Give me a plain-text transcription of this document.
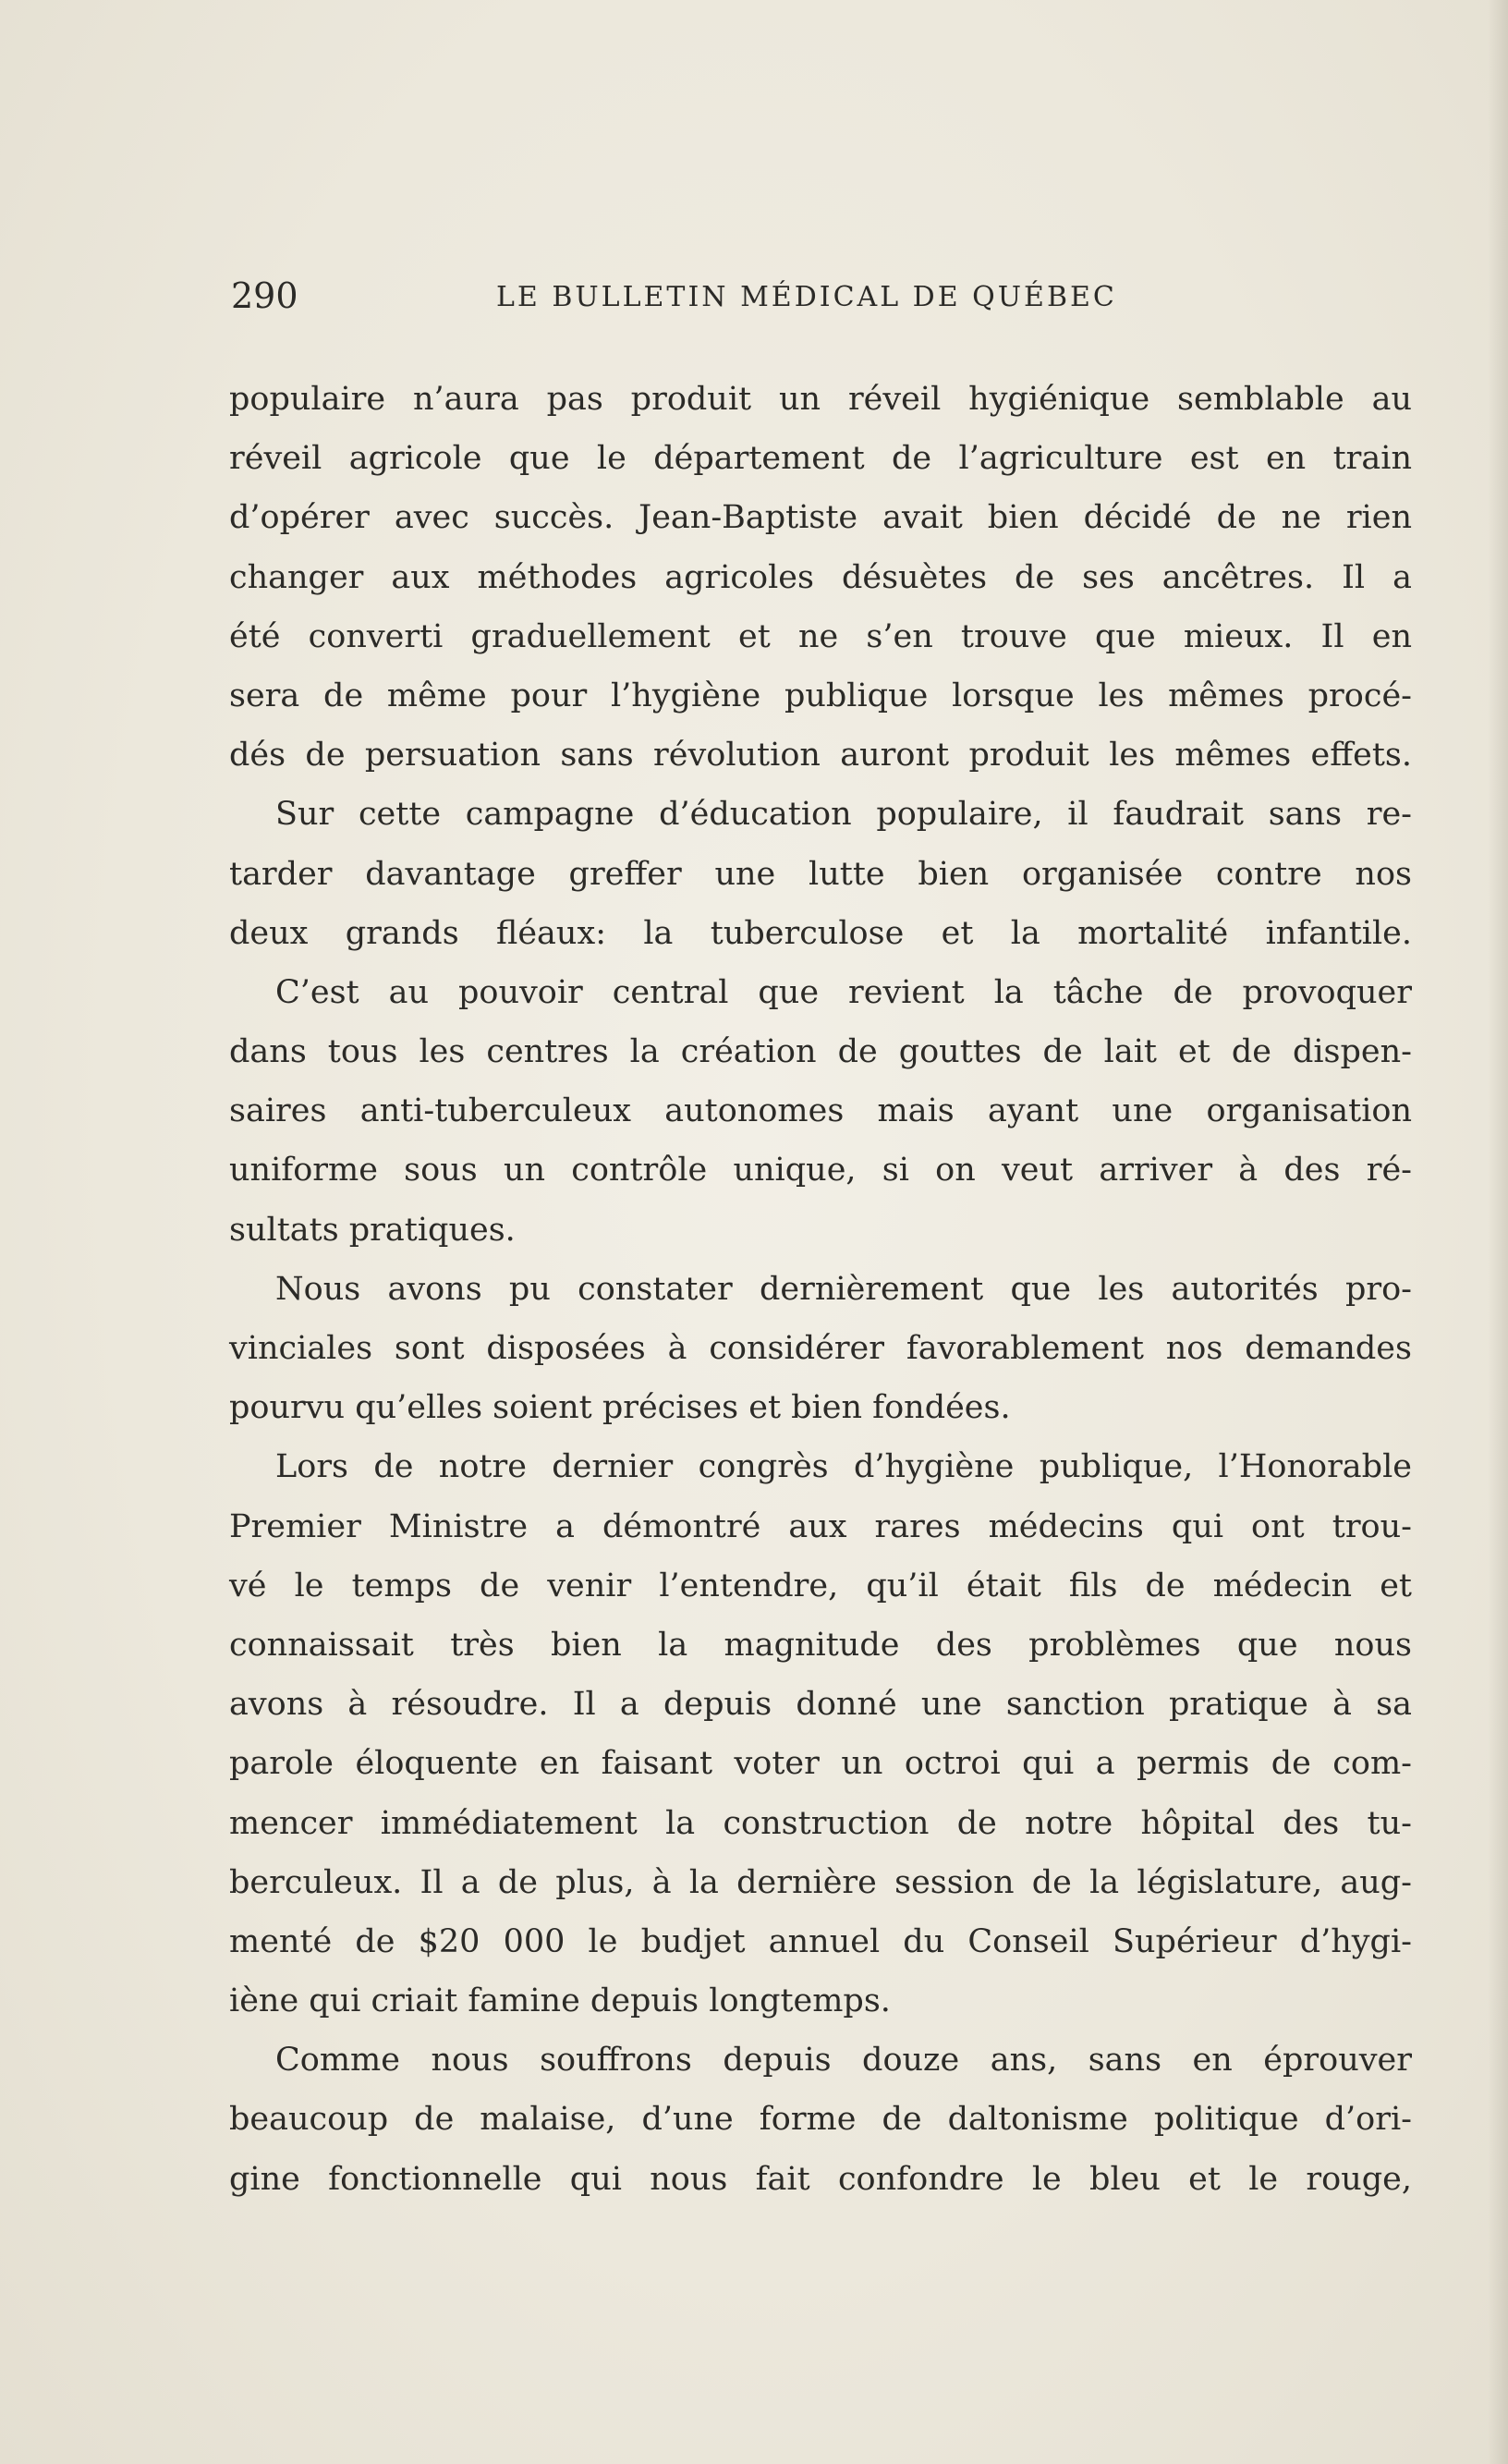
290	LE BULLETIN MÉDICAL DE QUÉBEC
populaire n’aura pas produit un réveil hygiénique semblable au
réveil agricole que le département de l’agriculture est en train
d’opérer avec succès. Jean-Baptiste avait bien décidé de ne rien
changer aux méthodes agricoles désuètes de ses ancêtres. Il a
été converti graduellement et ne s’en trouve que mieux. Il en
sera de même pour l’hygiène publique lorsque les mêmes procé-
dés de persuation sans révolution auront produit les mêmes effets.
Sur cette campagne d’éducation populaire, il faudrait sans re-
tarder davantage greffer une lutte bien organisée contre nos
deux grands fléaux: la tuberculose et la mortalité infantile.
C’est au pouvoir central que revient la tâche de provoquer
dans tous les centres la création de gouttes de lait et de dispen-
saires anti-tuberculeux autonomes mais ayant une organisation
uniforme sous un contrôle unique, si on veut arriver à des ré-
sultats pratiques.
Nous avons pu constater dernièrement que les autorités pro-
vinciales sont disposées à considérer favorablement nos demandes
pourvu qu’elles soient précises et bien fondées.
Lors de notre dernier congrès d’hygiène publique, l’Honorable
Premier Ministre a démontré aux rares médecins qui ont trou-
vé le temps de venir l’entendre, qu’il était fils de médecin et
connaissait très bien la magnitude des problèmes que nous
avons à résoudre. Il a depuis donné une sanction pratique à sa
parole éloquente en faisant voter un octroi qui a permis de com-
mencer immédiatement la construction de notre hôpital des tu-
berculeux. Il a de plus, à la dernière session de la législature, aug-
menté de $20 000 le budjet annuel du Conseil Supérieur d’hygi-
iène qui criait famine depuis longtemps.
Comme nous souffrons depuis douze ans, sans en éprouver
beaucoup de malaise, d’une forme de daltonisme politique d’ori-
gine fonctionnelle qui nous fait confondre le bleu et le rouge,
